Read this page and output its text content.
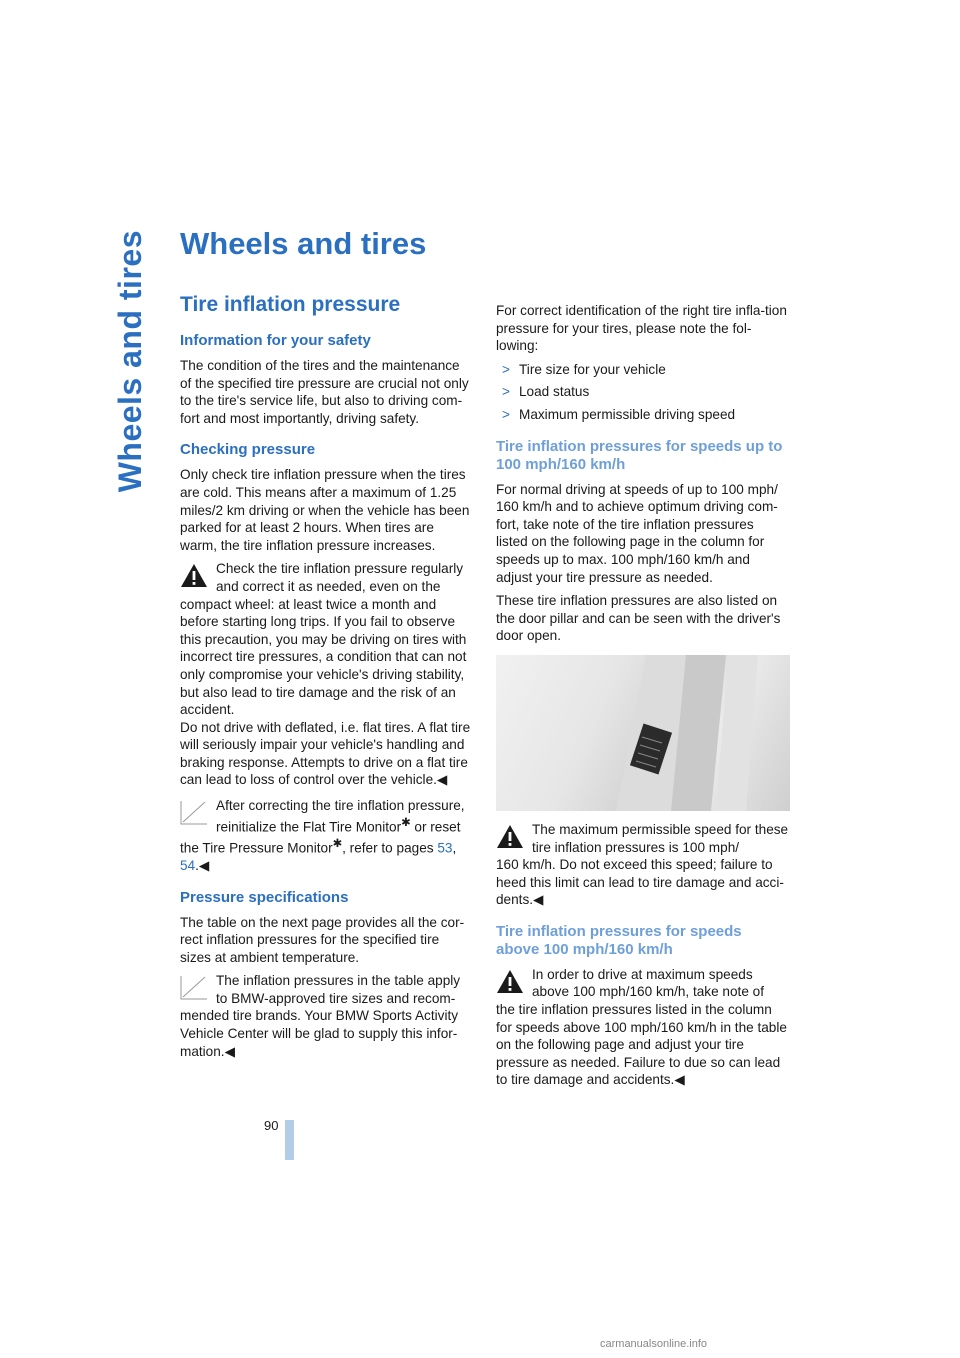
Wheels and tires Wheels and tires
Tire inflation pressure
Information for your safety

The condition of the tires and the maintenance of the specified tire pressure are crucial not only to the tire's service life, but also to driving com-fort and most importantly, driving safety.

Checking pressure

Only check tire inflation pressure when the tires are cold. This means after a maximum of 1.25 miles/2 km driving or when the vehicle has been parked for at least 2 hours. When tires are warm, the tire inflation pressure increases.

Check the tire inflation pressure regularly and correct it as needed, even on the
compact wheel: at least twice a month and before starting long trips. If you fail to observe this precaution, you may be driving on tires with incorrect tire pressures, a condition that can not only compromise your vehicle's driving stability, but also lead to tire damage and the risk of an accident.
Do not drive with deflated, i.e. flat tires. A flat tire will seriously impair your vehicle's handling and braking response. Attempts to drive on a flat tire can lead to loss of control over the vehicle.◀
After correcting the tire inflation pressure, reinitialize the Flat Tire Monitor✱ or reset
the Tire Pressure Monitor✱, refer to pages 53,
54.◀
Pressure specifications

The table on the next page provides all the cor-rect inflation pressures for the specified tire sizes at ambient temperature.

The inflation pressures in the table apply to BMW-approved tire sizes and recom-
mended tire brands. Your BMW Sports Activity Vehicle Center will be glad to supply this infor-mation.◀

For correct identification of the right tire infla-tion pressure for your tires, please note the fol-lowing:

> Tire size for your vehicle
> Load status
> Maximum permissible driving speed
Tire inflation pressures for speeds up to 100 mph/160 km/h

For normal driving at speeds of up to 100 mph/ 160 km/h and to achieve optimum driving com-fort, take note of the tire inflation pressures listed on the following page in the column for speeds up to max. 100 mph/160 km/h and adjust your tire pressure as needed.

These tire inflation pressures are also listed on the door pillar and can be seen with the driver's door open.

The maximum permissible speed for these tire inflation pressures is 100 mph/
160 km/h. Do not exceed this speed; failure to heed this limit can lead to tire damage and acci-dents.◀
Tire inflation pressures for speeds above 100 mph/160 km/h
In order to drive at maximum speeds above 100 mph/160 km/h, take note of
the tire inflation pressures listed in the column for speeds above 100 mph/160 km/h in the table on the following page and adjust your tire pressure as needed. Failure to due so can lead to tire damage and accidents.◀
90
carmanualsonline.info
